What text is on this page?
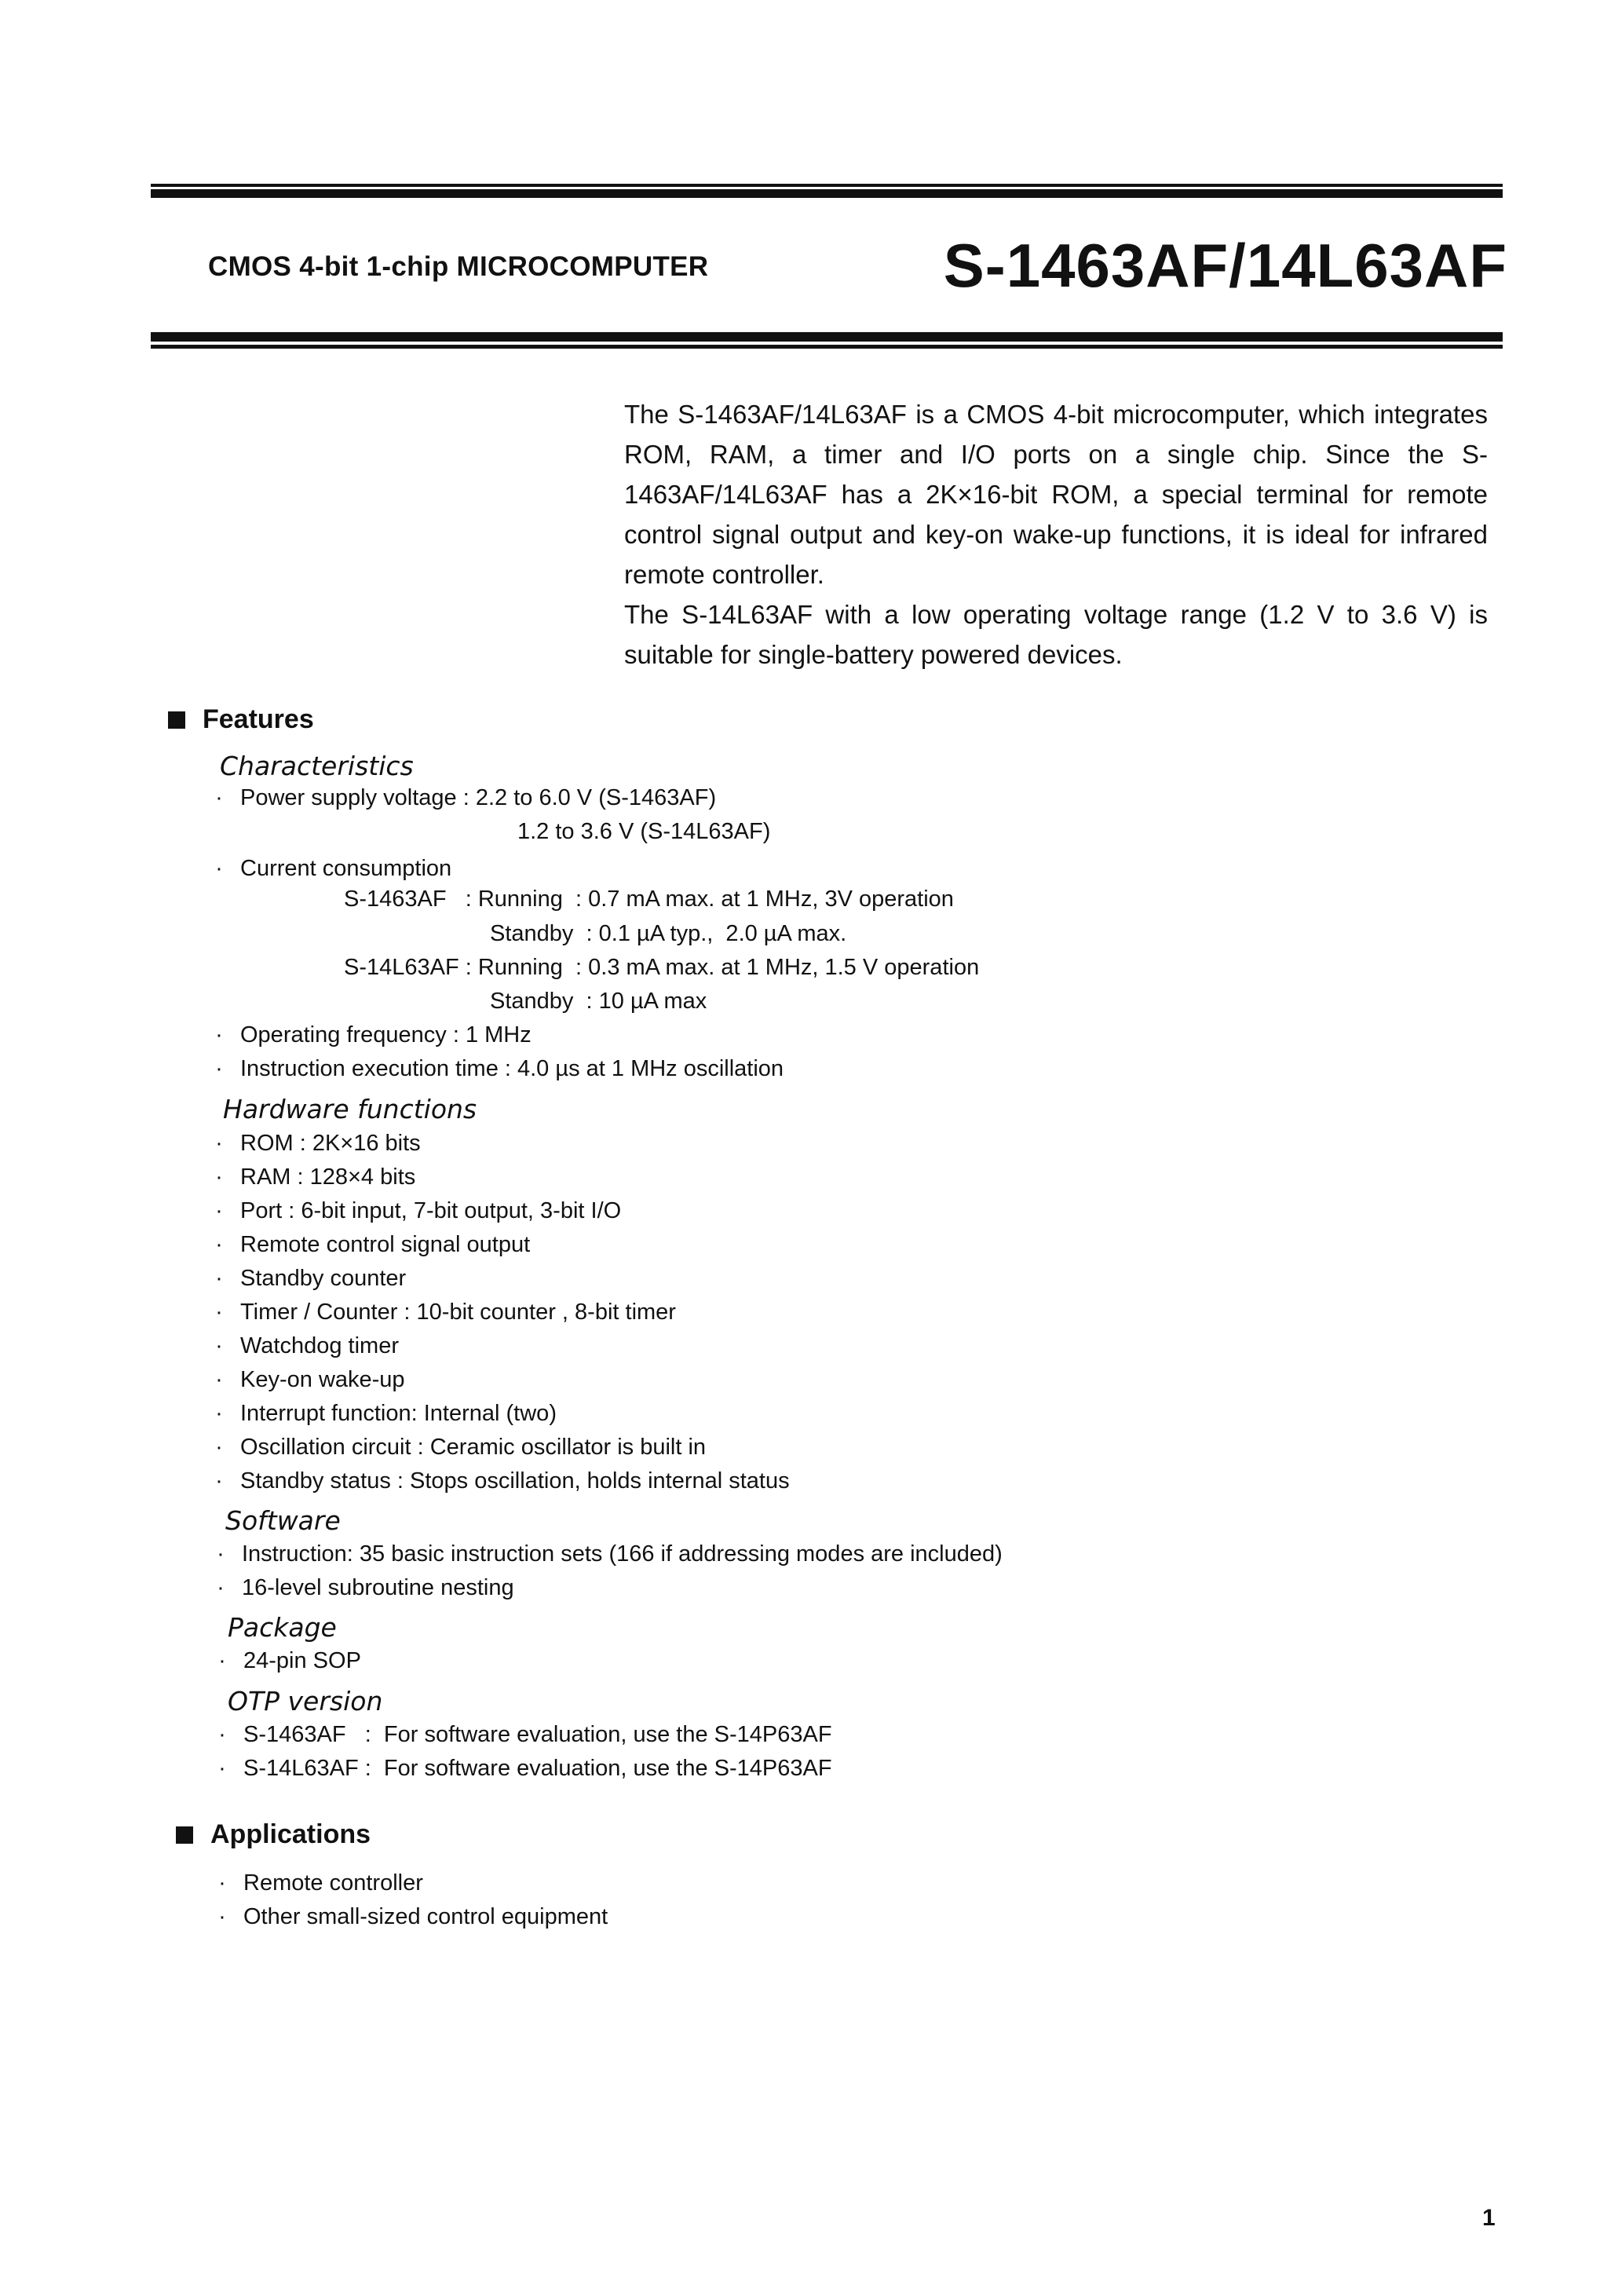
CMOS 4-bit 1-chip MICROCOMPUTER	S-1463AF/14L63AF

The S-1463AF/14L63AF is a CMOS 4-bit microcomputer, which integrates ROM, RAM, a timer and I/O ports on a single chip. Since the S-1463AF/14L63AF has a 2K×16-bit ROM, a special terminal for remote control signal output and key-on wake-up functions, it is ideal for infrared remote controller.

The S-14L63AF with a low operating voltage range (1.2 V to 3.6 V) is suitable for single-battery powered devices.

Features
Characteristics
· Power supply voltage : 2.2 to 6.0 V (S-1463AF)
1.2 to 3.6 V (S-14L63AF)
· Current consumption
S-1463AF   : Running  : 0.7 mA max. at 1 MHz, 3V operation
Standby  : 0.1 µA typ.,  2.0 µA max.
S-14L63AF : Running  : 0.3 mA max. at 1 MHz, 1.5 V operation
Standby  : 10 µA max
· Operating frequency : 1 MHz
· Instruction execution time : 4.0 µs at 1 MHz oscillation
Hardware functions
· ROM : 2K×16 bits
· RAM : 128×4 bits
· Port : 6-bit input, 7-bit output, 3-bit I/O
· Remote control signal output
· Standby counter
· Timer / Counter : 10-bit counter , 8-bit timer
· Watchdog timer
· Key-on wake-up
· Interrupt function: Internal (two)
· Oscillation circuit : Ceramic oscillator is built in
· Standby status : Stops oscillation, holds internal status
Software
· Instruction: 35 basic instruction sets (166 if addressing modes are included)
· 16-level subroutine nesting
Package
· 24-pin SOP
OTP version
· S-1463AF   :  For software evaluation, use the S-14P63AF
· S-14L63AF :  For software evaluation, use the S-14P63AF
Applications
· Remote controller
· Other small-sized control equipment
1
